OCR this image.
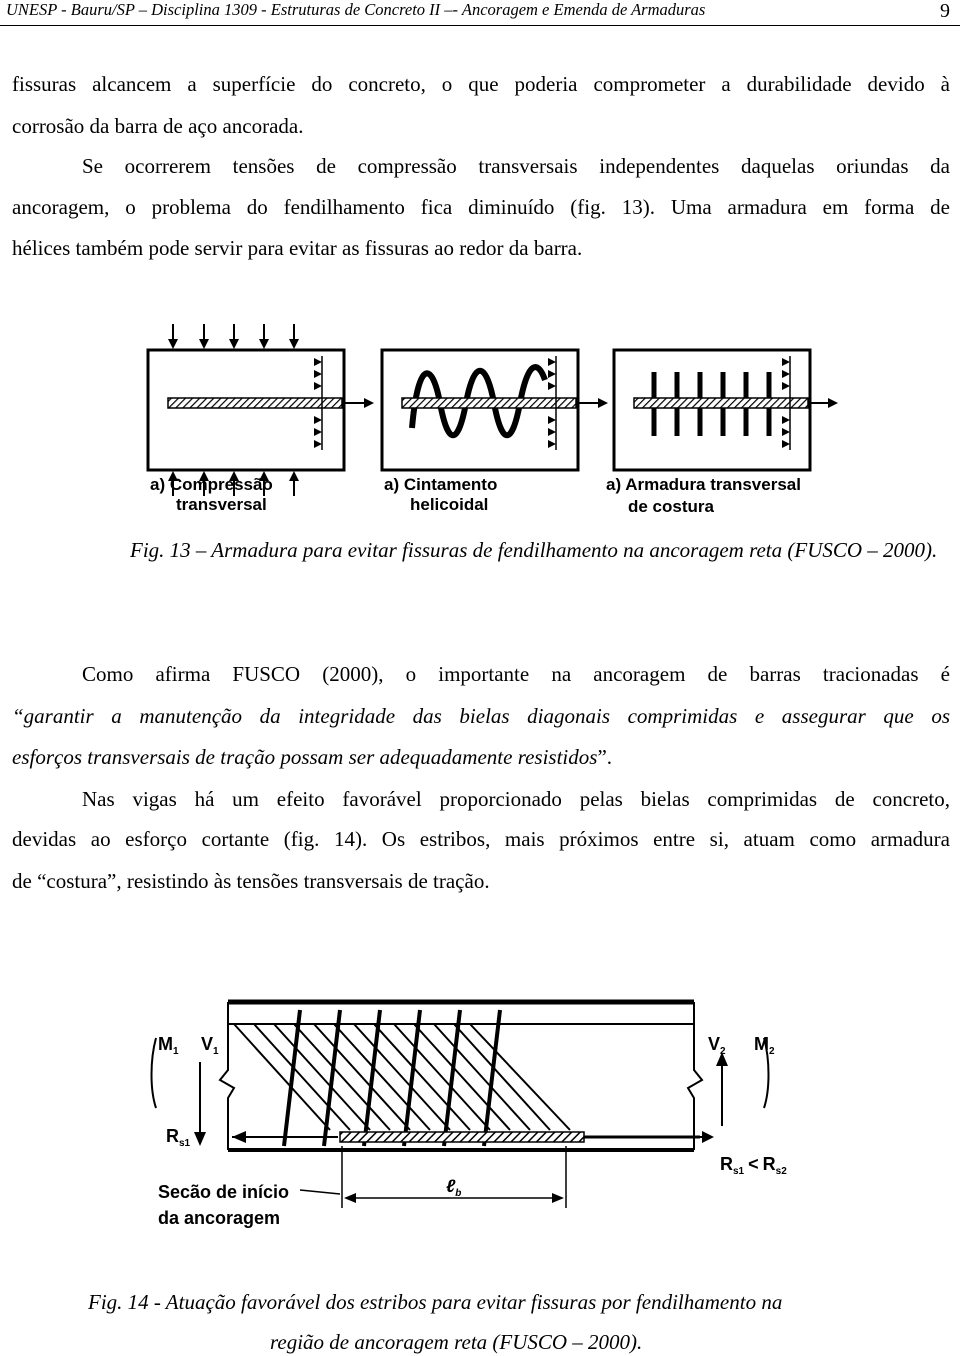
UNESP - Bauru/SP – Disciplina 1309 - Estruturas de Concreto II –- Ancoragem e Emenda de Armaduras	9
fissuras alcancem a superfície do concreto, o que poderia comprometer a durabilidade devido à
corrosão da barra de aço ancorada.
Se ocorrerem tensões de compressão transversais independentes daquelas oriundas da
ancoragem, o problema do fendilhamento fica diminuído (fig. 13). Uma armadura em forma de
hélices também pode servir para evitar as fissuras ao redor da barra.
a) Compressão
transversal
a) Cintamento
helicoidal
a) Armadura transversal
de costura
Fig. 13 – Armadura para evitar fissuras de fendilhamento na ancoragem reta (FUSCO – 2000).
Como afirma FUSCO (2000), o importante na ancoragem de barras tracionadas é
“garantir a manutenção da integridade das bielas diagonais comprimidas e assegurar que os
esforços transversais de tração possam ser adequadamente resistidos”.
Nas vigas há um efeito favorável proporcionado pelas bielas comprimidas de concreto,
devidas ao esforço cortante (fig. 14). Os estribos, mais próximos entre si, atuam como armadura
de “costura”, resistindo às tensões transversais de tração.
$M_1$ $V_1$	$V_2$ $M_2$
$R_{s1}$
$R_{s1} < R_{s2}$
ℓ$_b$
Secão de início
da ancoragem
Fig. 14 - Atuação favorável dos estribos para evitar fissuras por fendilhamento na
região de ancoragem reta (FUSCO – 2000).
